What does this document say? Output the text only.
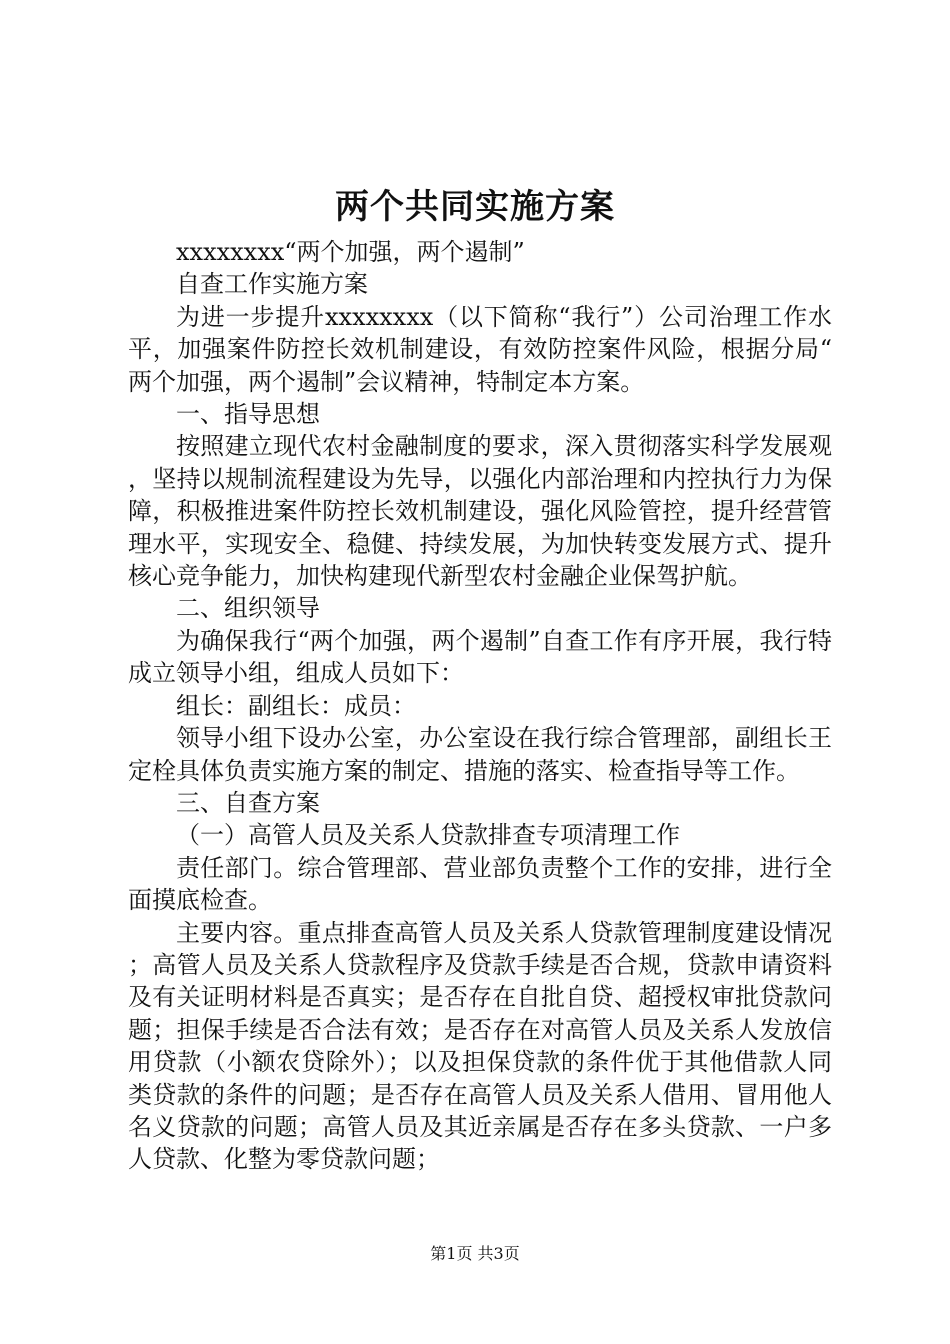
两个共同实施方案

xxxxxxxx“两个加强，两个遏制”

自查工作实施方案

为进一步提升xxxxxxxx（以下简称“我行”）公司治理工作水平，加强案件防控长效机制建设，有效防控案件风险，根据分局“两个加强，两个遏制”会议精神，特制定本方案。

一、指导思想

按照建立现代农村金融制度的要求，深入贯彻落实科学发展观，坚持以规制流程建设为先导，以强化内部治理和内控执行力为保障，积极推进案件防控长效机制建设，强化风险管控，提升经营管理水平，实现安全、稳健、持续发展，为加快转变发展方式、提升核心竞争能力，加快构建现代新型农村金融企业保驾护航。

二、组织领导

为确保我行“两个加强，两个遏制”自查工作有序开展，我行特成立领导小组，组成人员如下：

组长：副组长：成员：

领导小组下设办公室，办公室设在我行综合管理部，副组长王定栓具体负责实施方案的制定、措施的落实、检查指导等工作。

三、自查方案

（一）高管人员及关系人贷款排查专项清理工作

责任部门。综合管理部、营业部负责整个工作的安排，进行全面摸底检查。

主要内容。重点排查高管人员及关系人贷款管理制度建设情况；高管人员及关系人贷款程序及贷款手续是否合规，贷款申请资料及有关证明材料是否真实；是否存在自批自贷、超授权审批贷款问题；担保手续是否合法有效；是否存在对高管人员及关系人发放信用贷款（小额农贷除外）；以及担保贷款的条件优于其他借款人同类贷款的条件的问题；是否存在高管人员及关系人借用、冒用他人名义贷款的问题；高管人员及其近亲属是否存在多头贷款、一户多人贷款、化整为零贷款问题；

第1页 共3页
